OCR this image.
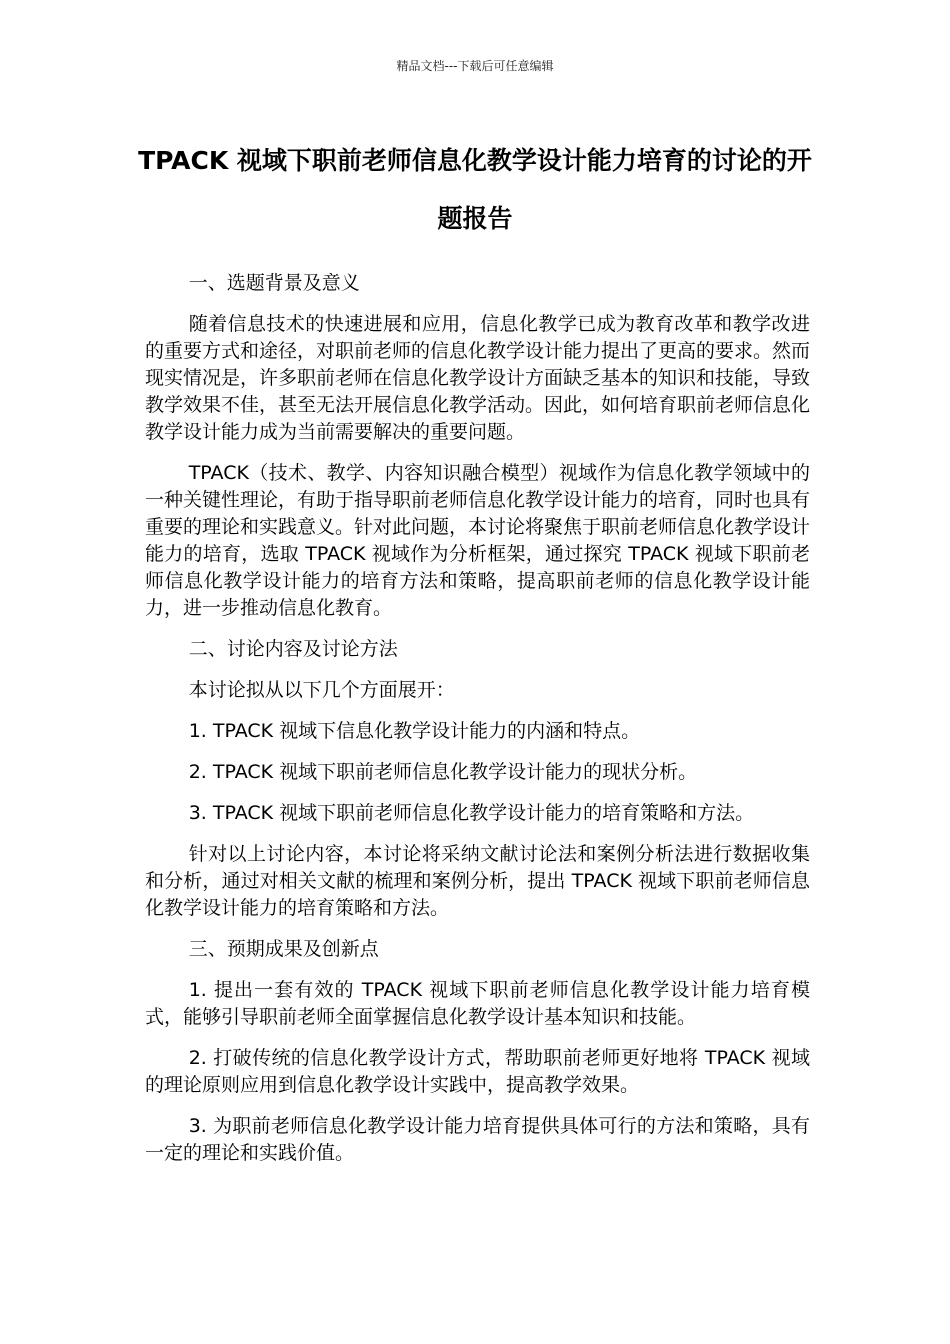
精品文档---下载后可任意编辑
TPACK 视域下职前老师信息化教学设计能力培育的讨论的开题报告

一、选题背景及意义

随着信息技术的快速进展和应用，信息化教学已成为教育改革和教学改进的重要方式和途径，对职前老师的信息化教学设计能力提出了更高的要求。然而现实情况是，许多职前老师在信息化教学设计方面缺乏基本的知识和技能，导致教学效果不佳，甚至无法开展信息化教学活动。因此，如何培育职前老师信息化教学设计能力成为当前需要解决的重要问题。

TPACK（技术、教学、内容知识融合模型）视域作为信息化教学领域中的一种关键性理论，有助于指导职前老师信息化教学设计能力的培育，同时也具有重要的理论和实践意义。针对此问题，本讨论将聚焦于职前老师信息化教学设计能力的培育，选取 TPACK 视域作为分析框架，通过探究 TPACK 视域下职前老师信息化教学设计能力的培育方法和策略，提高职前老师的信息化教学设计能力，进一步推动信息化教育。

二、讨论内容及讨论方法

本讨论拟从以下几个方面展开：

1. TPACK 视域下信息化教学设计能力的内涵和特点。

2. TPACK 视域下职前老师信息化教学设计能力的现状分析。

3. TPACK 视域下职前老师信息化教学设计能力的培育策略和方法。

针对以上讨论内容，本讨论将采纳文献讨论法和案例分析法进行数据收集和分析，通过对相关文献的梳理和案例分析，提出 TPACK 视域下职前老师信息化教学设计能力的培育策略和方法。

三、预期成果及创新点

1. 提出一套有效的 TPACK 视域下职前老师信息化教学设计能力培育模式，能够引导职前老师全面掌握信息化教学设计基本知识和技能。

2. 打破传统的信息化教学设计方式，帮助职前老师更好地将 TPACK 视域的理论原则应用到信息化教学设计实践中，提高教学效果。

3. 为职前老师信息化教学设计能力培育提供具体可行的方法和策略，具有一定的理论和实践价值。
